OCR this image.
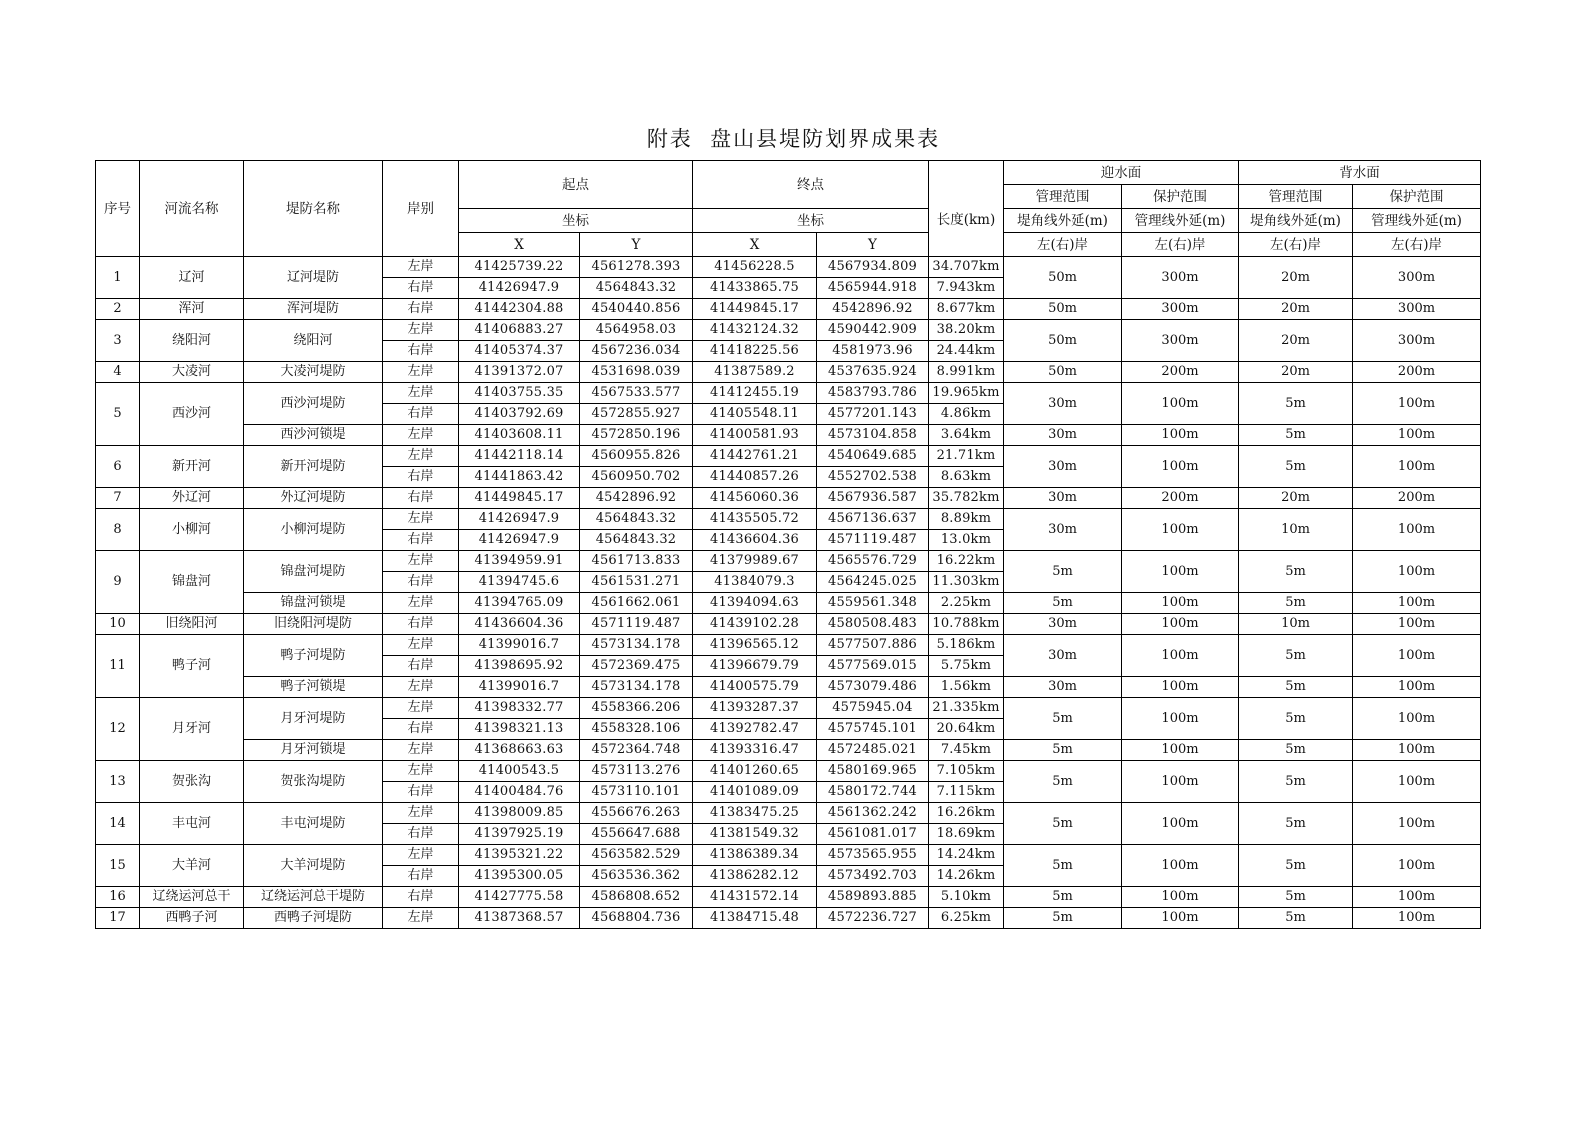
附表  盘山县堤防划界成果表
序号	河流名称	堤防名称	岸别	起点		终点			迎水面		背水面	
								长度(km)	管理范围	保护范围	管理范围	保护范围
				坐标		坐标			堤角线外延(m)	管理线外延(m)	堤角线外延(m)	管理线外延(m)
				X	Y	X	Y		左(右)岸	左(右)岸	左(右)岸	左(右)岸
1	辽河	辽河堤防	左岸	41425739.22	4561278.393	41456228.5	4567934.809	34.707km	50m	300m	20m	300m
			右岸	41426947.9	4564843.32	41433865.75	4565944.918	7.943km				
2	浑河	浑河堤防	右岸	41442304.88	4540440.856	41449845.17	4542896.92	8.677km	50m	300m	20m	300m
3	绕阳河	绕阳河	左岸	41406883.27	4564958.03	41432124.32	4590442.909	38.20km	50m	300m	20m	300m
			右岸	41405374.37	4567236.034	41418225.56	4581973.96	24.44km				
4	大凌河	大凌河堤防	左岸	41391372.07	4531698.039	41387589.2	4537635.924	8.991km	50m	200m	20m	200m
5	西沙河	西沙河堤防	左岸	41403755.35	4567533.577	41412455.19	4583793.786	19.965km	30m	100m	5m	100m
			右岸	41403792.69	4572855.927	41405548.11	4577201.143	4.86km				
		西沙河锁堤	左岸	41403608.11	4572850.196	41400581.93	4573104.858	3.64km	30m	100m	5m	100m
6	新开河	新开河堤防	左岸	41442118.14	4560955.826	41442761.21	4540649.685	21.71km	30m	100m	5m	100m
			右岸	41441863.42	4560950.702	41440857.26	4552702.538	8.63km				
7	外辽河	外辽河堤防	右岸	41449845.17	4542896.92	41456060.36	4567936.587	35.782km	30m	200m	20m	200m
8	小柳河	小柳河堤防	左岸	41426947.9	4564843.32	41435505.72	4567136.637	8.89km	30m	100m	10m	100m
			右岸	41426947.9	4564843.32	41436604.36	4571119.487	13.0km				
9	锦盘河	锦盘河堤防	左岸	41394959.91	4561713.833	41379989.67	4565576.729	16.22km	5m	100m	5m	100m
			右岸	41394745.6	4561531.271	41384079.3	4564245.025	11.303km				
		锦盘河锁堤	左岸	41394765.09	4561662.061	41394094.63	4559561.348	2.25km	5m	100m	5m	100m
10	旧绕阳河	旧绕阳河堤防	右岸	41436604.36	4571119.487	41439102.28	4580508.483	10.788km	30m	100m	10m	100m
11	鸭子河	鸭子河堤防	左岸	41399016.7	4573134.178	41396565.12	4577507.886	5.186km	30m	100m	5m	100m
			右岸	41398695.92	4572369.475	41396679.79	4577569.015	5.75km				
		鸭子河锁堤	左岸	41399016.7	4573134.178	41400575.79	4573079.486	1.56km	30m	100m	5m	100m
12	月牙河	月牙河堤防	左岸	41398332.77	4558366.206	41393287.37	4575945.04	21.335km	5m	100m	5m	100m
			右岸	41398321.13	4558328.106	41392782.47	4575745.101	20.64km				
		月牙河锁堤	左岸	41368663.63	4572364.748	41393316.47	4572485.021	7.45km	5m	100m	5m	100m
13	贺张沟	贺张沟堤防	左岸	41400543.5	4573113.276	41401260.65	4580169.965	7.105km	5m	100m	5m	100m
			右岸	41400484.76	4573110.101	41401089.09	4580172.744	7.115km				
14	丰屯河	丰屯河堤防	左岸	41398009.85	4556676.263	41383475.25	4561362.242	16.26km	5m	100m	5m	100m
			右岸	41397925.19	4556647.688	41381549.32	4561081.017	18.69km				
15	大羊河	大羊河堤防	左岸	41395321.22	4563582.529	41386389.34	4573565.955	14.24km	5m	100m	5m	100m
			右岸	41395300.05	4563536.362	41386282.12	4573492.703	14.26km				
16	辽绕运河总干	辽绕运河总干堤防	右岸	41427775.58	4586808.652	41431572.14	4589893.885	5.10km	5m	100m	5m	100m
17	西鸭子河	西鸭子河堤防	左岸	41387368.57	4568804.736	41384715.48	4572236.727	6.25km	5m	100m	5m	100m
